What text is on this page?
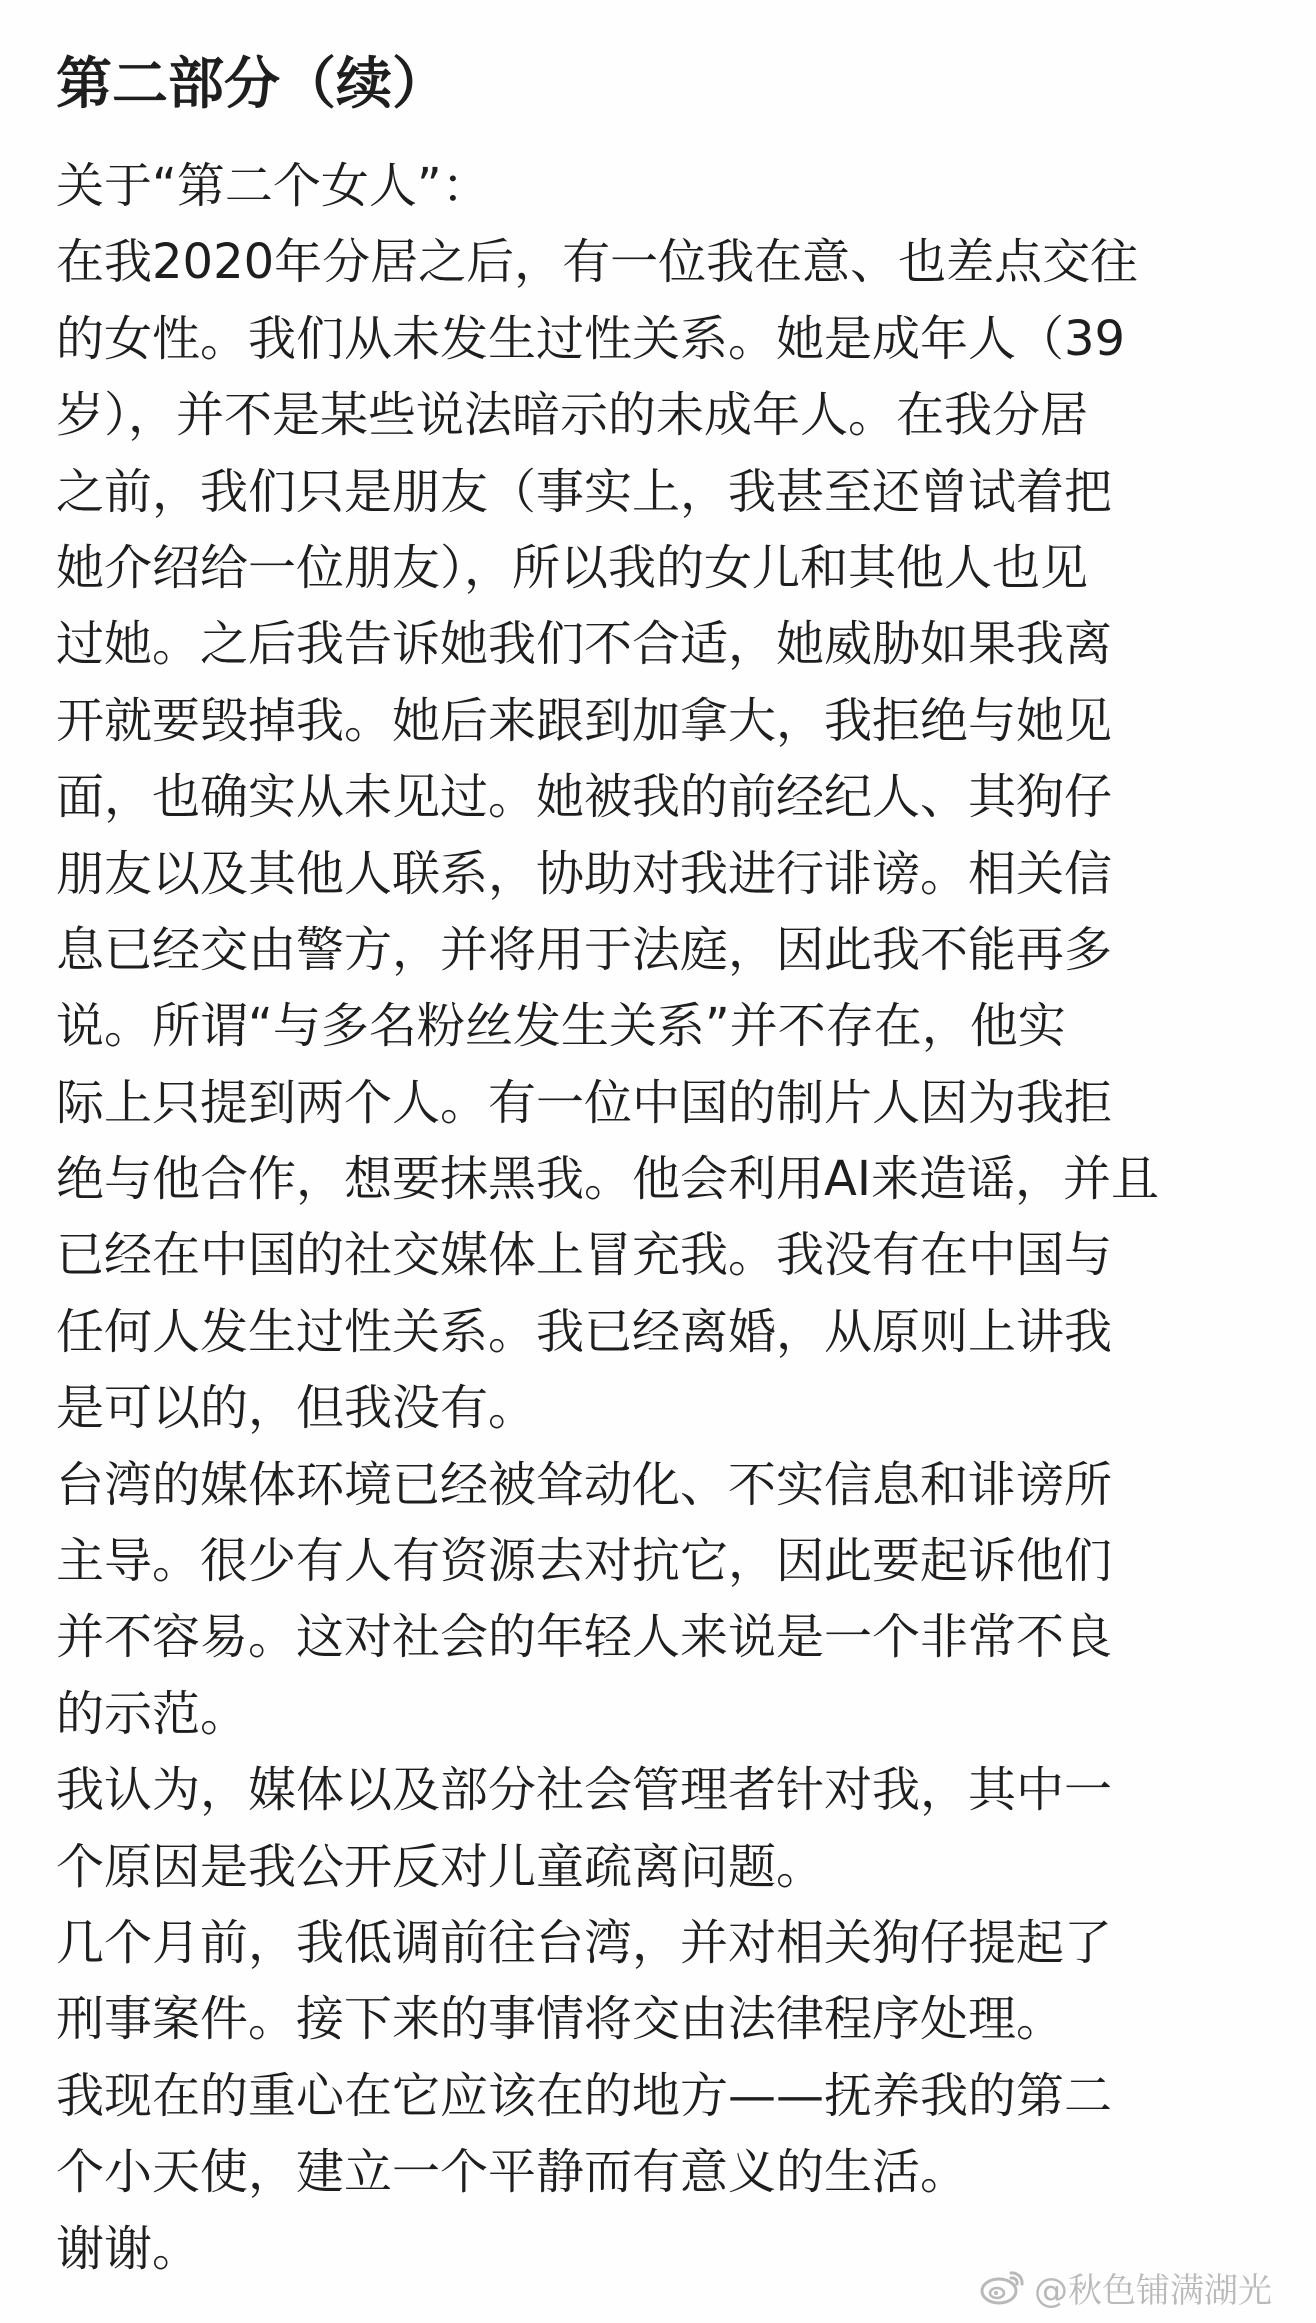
第二部分（续）
关于“第二个女人”：
在我2020年分居之后，有一位我在意、也差点交往
的女性。我们从未发生过性关系。她是成年人（39
岁），并不是某些说法暗示的未成年人。在我分居
之前，我们只是朋友（事实上，我甚至还曾试着把
她介绍给一位朋友），所以我的女儿和其他人也见
过她。之后我告诉她我们不合适，她威胁如果我离
开就要毁掉我。她后来跟到加拿大，我拒绝与她见
面，也确实从未见过。她被我的前经纪人、其狗仔
朋友以及其他人联系，协助对我进行诽谤。相关信
息已经交由警方，并将用于法庭，因此我不能再多
说。所谓“与多名粉丝发生关系”并不存在，他实
际上只提到两个人。有一位中国的制片人因为我拒
绝与他合作，想要抹黑我。他会利用AI来造谣，并且
已经在中国的社交媒体上冒充我。我没有在中国与
任何人发生过性关系。我已经离婚，从原则上讲我
是可以的，但我没有。
台湾的媒体环境已经被耸动化、不实信息和诽谤所
主导。很少有人有资源去对抗它，因此要起诉他们
并不容易。这对社会的年轻人来说是一个非常不良
的示范。
我认为，媒体以及部分社会管理者针对我，其中一
个原因是我公开反对儿童疏离问题。
几个月前，我低调前往台湾，并对相关狗仔提起了
刑事案件。接下来的事情将交由法律程序处理。
我现在的重心在它应该在的地方——抚养我的第二
个小天使，建立一个平静而有意义的生活。
谢谢。
@秋色铺满湖光
